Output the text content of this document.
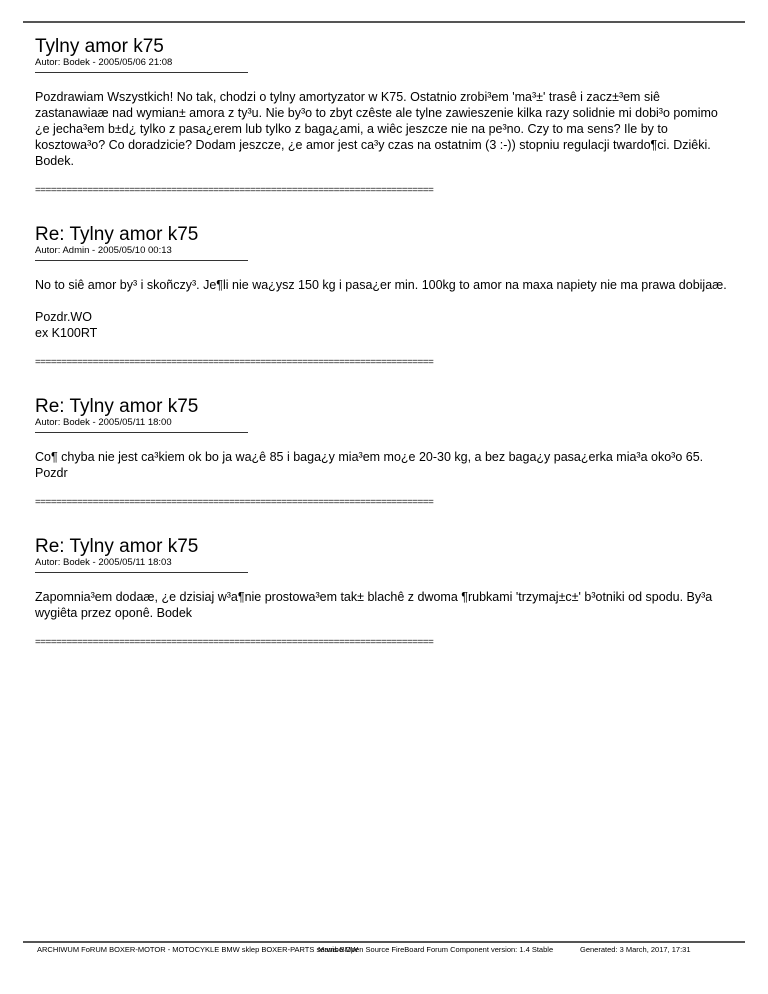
Tylny amor k75
Autor: Bodek - 2005/05/06 21:08

Pozdrawiam Wszystkich! No tak, chodzi o tylny amortyzator w K75. Ostatnio zrobi³em 'ma³±' trasê i zacz±³em siê zastanawiaæ nad wymian± amora z ty³u. Nie by³o to zbyt czêste ale tylne zawieszenie kilka razy solidnie mi dobi³o pomimo ¿e jecha³em b±d¿ tylko z pasa¿erem lub tylko z baga¿ami, a wiêc jeszcze nie na pe³no. Czy to ma sens? Ile by to kosztowa³o? Co doradzicie? Dodam jeszcze, ¿e amor jest ca³y czas na ostatnim (3 :-)) stopniu regulacji twardo¶ci. Dziêki. Bodek.

============================================================================
Re: Tylny amor k75
Autor: Admin - 2005/05/10 00:13

No to siê amor by³ i skoñczy³. Je¶li nie wa¿ysz 150 kg i pasa¿er min. 100kg to amor na maxa napiety nie ma prawa dobijaæ.

Pozdr.WO
ex K100RT

============================================================================
Re: Tylny amor k75
Autor: Bodek - 2005/05/11 18:00

Co¶ chyba nie jest ca³kiem ok bo ja wa¿ê 85 i baga¿y mia³em mo¿e 20-30 kg, a bez baga¿y pasa¿erka mia³a oko³o 65. Pozdr

============================================================================
Re: Tylny amor k75
Autor: Bodek - 2005/05/11 18:03

Zapomnia³em dodaæ, ¿e dzisiaj w³a¶nie prostowa³em tak± blachê z dwoma ¶rubkami 'trzymaj±c±' b³otniki od spodu. By³a wygiêta przez oponê. Bodek

============================================================================
ARCHIWUM FoRUM BOXER-MOTOR - MOTOCYKLE BMW sklep BOXER-PARTS serwis BMW
Mambo Open Source FireBoard Forum Component version: 1.4 Stable	Generated: 3 March, 2017, 17:31
